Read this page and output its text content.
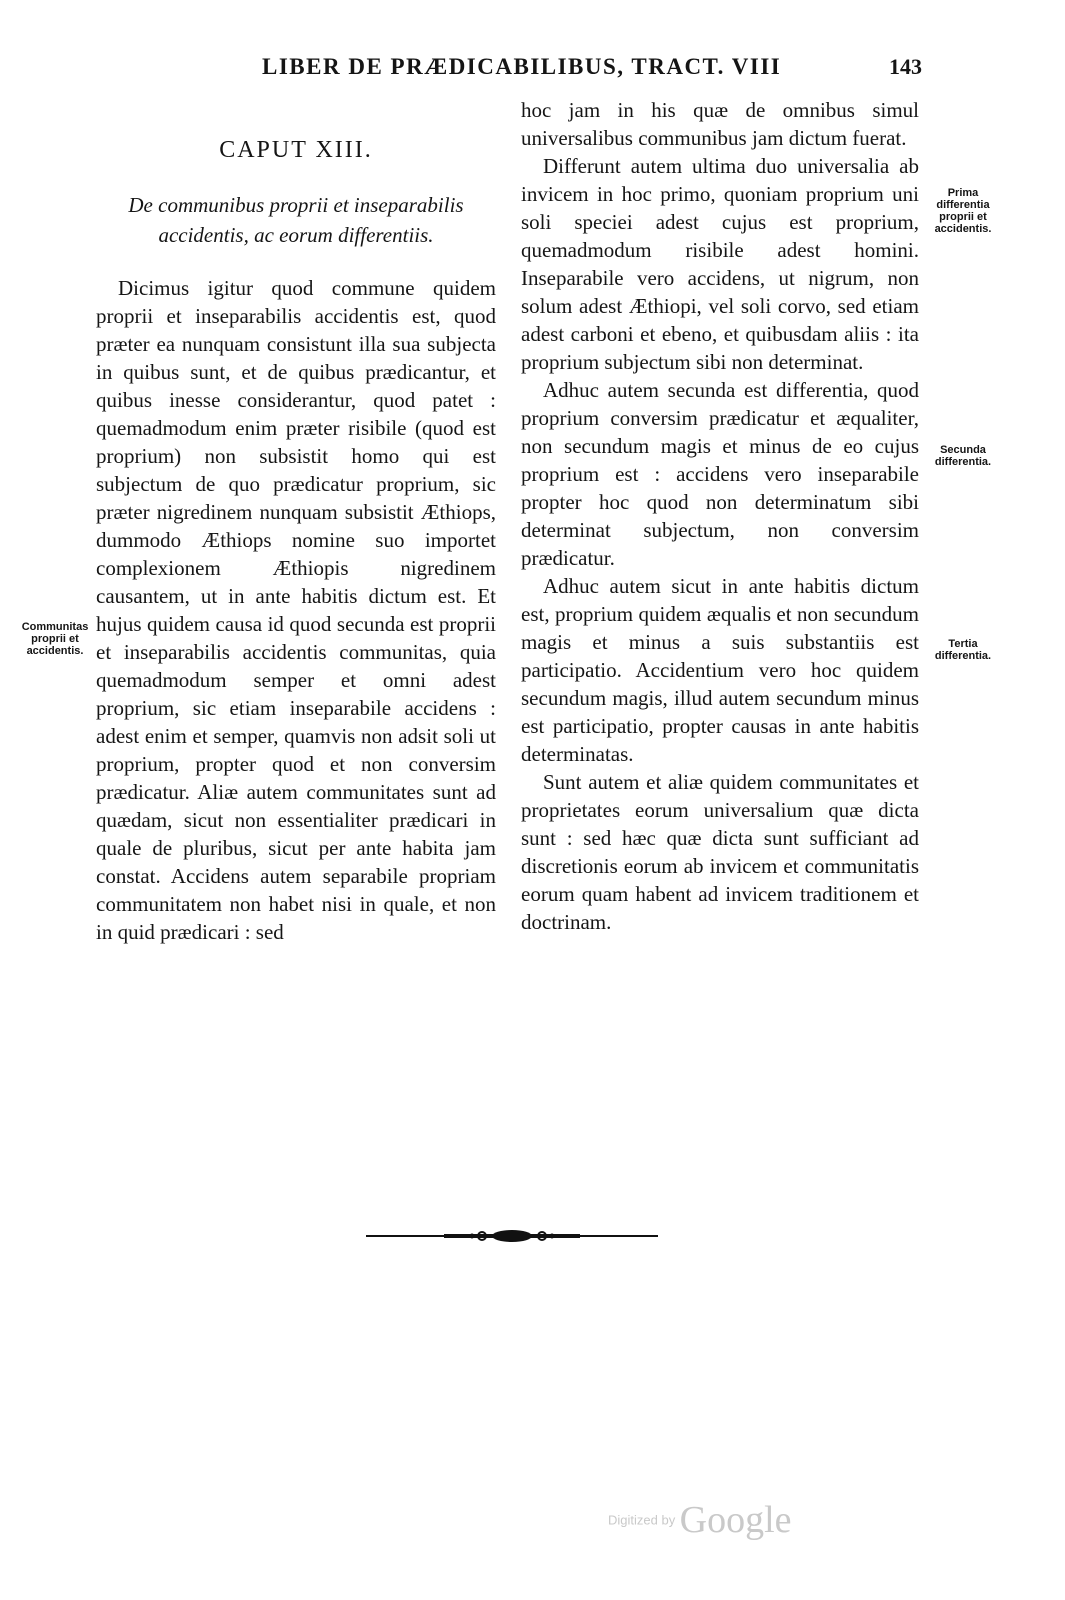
LIBER DE PRÆDICABILIBUS, TRACT. VIII	143
CAPUT XIII.
De communibus proprii et inseparabilis accidentis, ac eorum differentiis.

Dicimus igitur quod commune quidem proprii et inseparabilis accidentis est, quod præter ea nunquam consistunt illa sua subjecta in quibus sunt, et de quibus prædicantur, et quibus inesse considerantur, quod patet : quemadmodum enim præter risibile (quod est proprium) non subsistit homo qui est subjectum de quo prædicatur proprium, sic præter nigredinem nunquam subsistit Æthiops, dummodo Æthiops nomine suo importet complexionem Æthiopis nigredinem causantem, ut in ante habitis dictum est. Et hujus quidem causa id quod secunda est proprii et inseparabilis accidentis communitas, quia quemadmodum semper et omni adest proprium, sic etiam inseparabile accidens : adest enim et semper, quamvis non adsit soli ut proprium, propter quod et non conversim prædicatur. Aliæ autem communitates sunt ad quædam, sicut non essentialiter prædicari in quale de pluribus, sicut per ante habita jam constat. Accidens autem separabile propriam communitatem non habet nisi in quale, et non in quid prædicari : sed

hoc jam in his quæ de omnibus simul universalibus communibus jam dictum fuerat.

Differunt autem ultima duo universalia ab invicem in hoc primo, quoniam proprium uni soli speciei adest cujus est proprium, quemadmodum risibile adest homini. Inseparabile vero accidens, ut nigrum, non solum adest Æthiopi, vel soli corvo, sed etiam adest carboni et ebeno, et quibusdam aliis : ita proprium subjectum sibi non determinat.

Adhuc autem secunda est differentia, quod proprium conversim prædicatur et æqualiter, non secundum magis et minus de eo cujus proprium est : accidens vero inseparabile propter hoc quod non determinatum sibi determinat subjectum, non conversim prædicatur.

Adhuc autem sicut in ante habitis dictum est, proprium quidem æqualis et non secundum magis et minus a suis substantiis est participatio. Accidentium vero hoc quidem secundum magis, illud autem secundum minus est participatio, propter causas in ante habitis determinatas.

Sunt autem et aliæ quidem communitates et proprietates eorum universalium quæ dicta sunt : sed hæc quæ dicta sunt sufficiant ad discretionis eorum ab invicem et communitatis eorum quam habent ad invicem traditionem et doctrinam.

Communitas proprii et accidentis.
Prima differentia proprii et accidentis.
Secunda differentia.
Tertia differentia.
Digitized by Google
